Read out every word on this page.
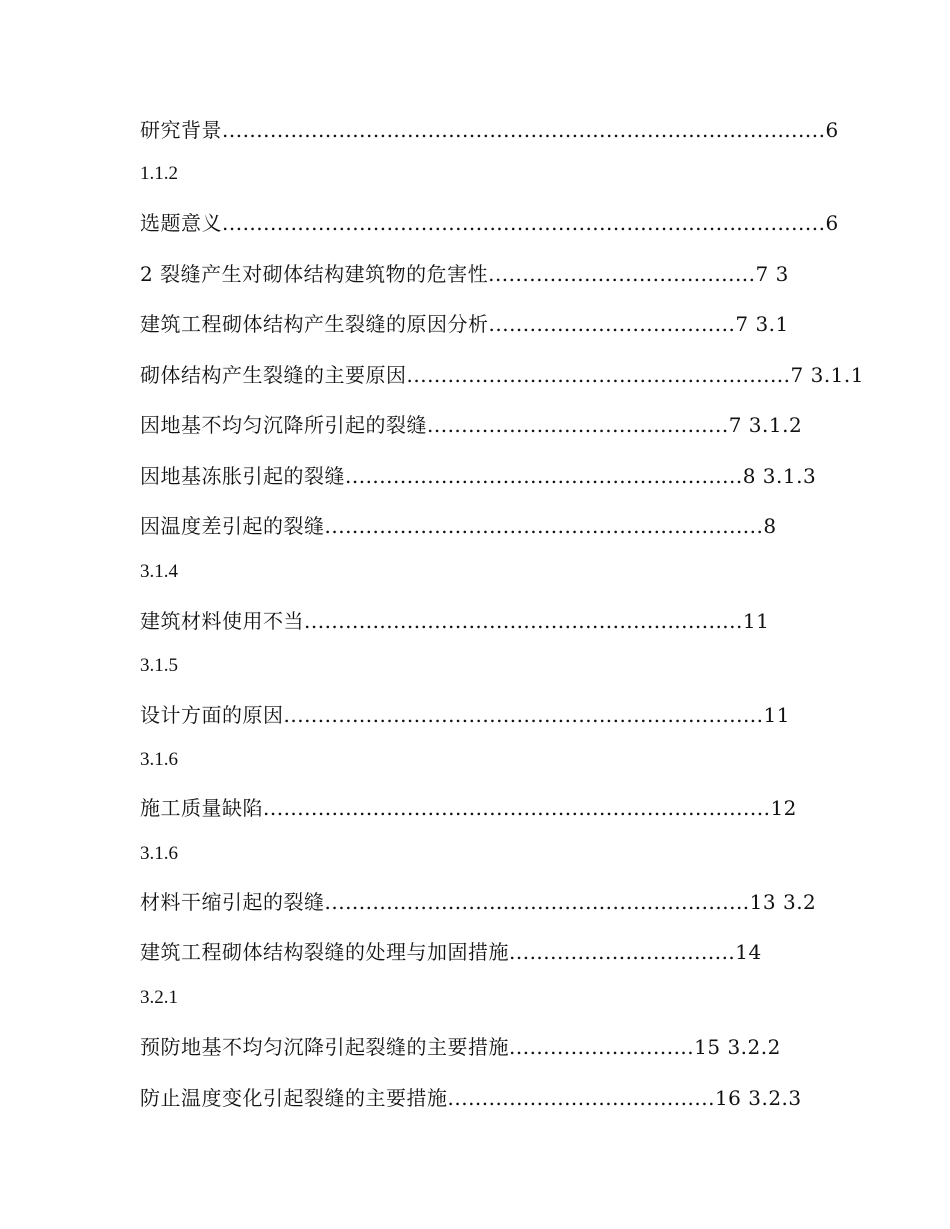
研究背景........................................................................................6
1.1.2
选题意义........................................................................................6
2 裂缝产生对砌体结构建筑物的危害性.......................................7 3
建筑工程砌体结构产生裂缝的原因分析....................................7 3.1
砌体结构产生裂缝的主要原因........................................................7 3.1.1
因地基不均匀沉降所引起的裂缝............................................7 3.1.2
因地基冻胀引起的裂缝..........................................................8 3.1.3
因温度差引起的裂缝................................................................8
3.1.4
建筑材料使用不当................................................................11
3.1.5
设计方面的原因......................................................................11
3.1.6
施工质量缺陷..........................................................................12
3.1.6
材料干缩引起的裂缝..............................................................13 3.2
建筑工程砌体结构裂缝的处理与加固措施.................................14
3.2.1
预防地基不均匀沉降引起裂缝的主要措施...........................15 3.2.2
防止温度变化引起裂缝的主要措施.......................................16 3.2.3
